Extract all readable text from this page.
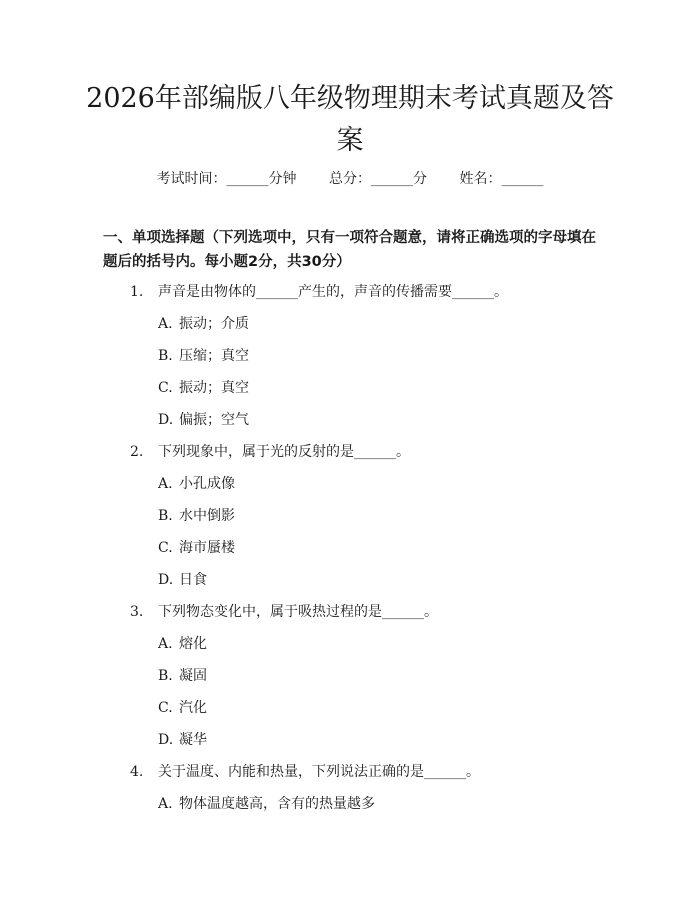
2026年部编版八年级物理期末考试真题及答案
考试时间：______分钟 总分：______分 姓名：______
一、单项选择题（下列选项中，只有一项符合题意，请将正确选项的字母填在题后的括号内。每小题2分，共30分）
1. 声音是由物体的______产生的，声音的传播需要______。
A. 振动；介质
B. 压缩；真空
C. 振动；真空
D. 偏振；空气
2. 下列现象中，属于光的反射的是______。
A. 小孔成像
B. 水中倒影
C. 海市蜃楼
D. 日食
3. 下列物态变化中，属于吸热过程的是______。
A. 熔化
B. 凝固
C. 汽化
D. 凝华
4. 关于温度、内能和热量，下列说法正确的是______。
A. 物体温度越高，含有的热量越多
